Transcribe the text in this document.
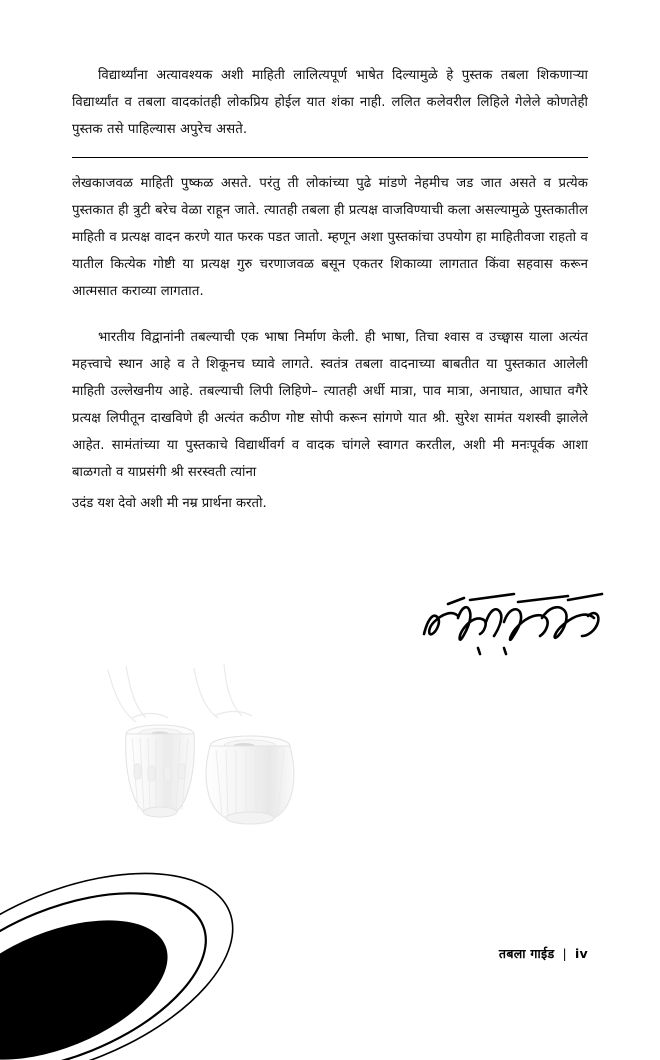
विद्यार्थ्यांना अत्यावश्यक अशी माहिती लालित्यपूर्ण भाषेत दिल्यामुळे हे पुस्तक तबला शिकणाऱ्या विद्यार्थ्यांत व तबला वादकांतही लोकप्रिय होईल यात शंका नाही. ललित कलेवरील लिहिले गेलेले कोणतेही पुस्तक तसे पाहिल्यास अपुरेच असते.

लेखकाजवळ माहिती पुष्कळ असते. परंतु ती लोकांच्या पुढे मांडणे नेहमीच जड जात असते व प्रत्येक पुस्तकात ही त्रुटी बरेच वेळा राहून जाते. त्यातही तबला ही प्रत्यक्ष वाजविण्याची कला असल्यामुळे पुस्तकातील माहिती व प्रत्यक्ष वादन करणे यात फरक पडत जातो. म्हणून अशा पुस्तकांचा उपयोग हा माहितीवजा राहतो व यातील कित्येक गोष्टी या प्रत्यक्ष गुरु चरणाजवळ बसून एकतर शिकाव्या लागतात किंवा सहवास करून आत्मसात कराव्या लागतात.

भारतीय विद्वानांनी तबल्याची एक भाषा निर्माण केली. ही भाषा, तिचा श्वास व उच्छ्वास याला अत्यंत महत्त्वाचे स्थान आहे व ते शिकूनच घ्यावे लागते. स्वतंत्र तबला वादनाच्या बाबतीत या पुस्तकात आलेली माहिती उल्लेखनीय आहे. तबल्याची लिपी लिहिणे– त्यातही अर्धी मात्रा, पाव मात्रा, अनाघात, आघात वगैरे प्रत्यक्ष लिपीतून दाखविणे ही अत्यंत कठीण गोष्ट सोपी करून सांगणे यात श्री. सुरेश सामंत यशस्वी झालेले आहेत. सामंतांच्या या पुस्तकाचे विद्यार्थीवर्ग व वादक चांगले स्वागत करतील, अशी मी मनःपूर्वक आशा बाळगतो व याप्रसंगी श्री सरस्वती त्यांना

उदंड यश देवो अशी मी नम्र प्रार्थना करतो.

तबला गाईड | iv
